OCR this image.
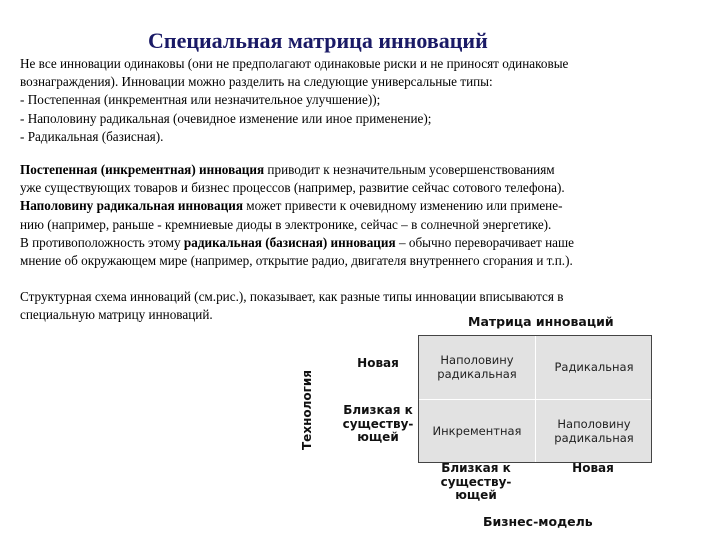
Специальная матрица инноваций
Не все инновации одинаковы (они не предполагают одинаковые риски и не приносят одинаковые
вознаграждения). Инновации можно разделить на следующие универсальные типы:
- Постепенная (инкрементная или незначительное улучшение));
- Наполовину радикальная (очевидное изменение или иное применение);
- Радикальная (базисная).
Постепенная (инкрементная) инновация приводит к незначительным усовершенствованиям
уже существующих товаров и бизнес процессов (например, развитие сейчас сотового телефона).
Наполовину радикальная инновация может привести к очевидному изменению или примене-
нию (например, раньше - кремниевые диоды в электронике, сейчас – в солнечной энергетике).
В противоположность этому радикальная (базисная) инновация – обычно переворачивает наше
мнение об окружающем мире (например, открытие радио, двигателя внутреннего сгорания и т.п.).
Структурная схема инноваций (см.рис.), показывает, как разные типы инновации вписываются в
специальную матрицу инноваций.	Матрица инноваций
Технология
Новая
Близкая к
существу-
ющей
Наполовину
радикальная	Радикальная
Инкрементная	Наполовину
радикальная
Близкая к
существу-
ющей
Новая
Бизнес-модель
